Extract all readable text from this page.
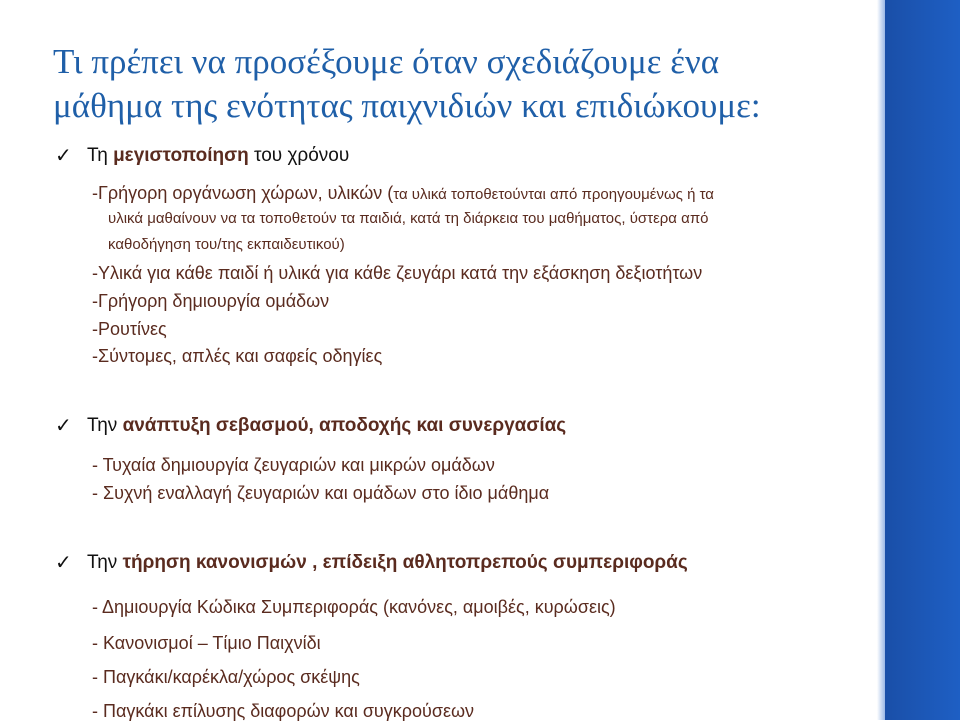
Τι πρέπει να προσέξουμε όταν σχεδιάζουμε ένα
μάθημα της ενότητας παιχνιδιών και επιδιώκουμε:
✓ Τη μεγιστοποίηση του χρόνου
-Γρήγορη οργάνωση χώρων, υλικών (τα υλικά τοποθετούνται από προηγουμένως ή τα
υλικά μαθαίνουν να τα τοποθετούν τα παιδιά, κατά τη διάρκεια του μαθήματος, ύστερα από
καθοδήγηση του/της εκπαιδευτικού)
-Υλικά για κάθε παιδί ή υλικά για κάθε ζευγάρι κατά την εξάσκηση δεξιοτήτων
-Γρήγορη δημιουργία ομάδων
-Ρουτίνες
-Σύντομες, απλές και σαφείς οδηγίες
✓ Την ανάπτυξη σεβασμού, αποδοχής και συνεργασίας
- Τυχαία δημιουργία ζευγαριών και μικρών ομάδων
- Συχνή εναλλαγή ζευγαριών και ομάδων στο ίδιο μάθημα
✓ Την τήρηση κανονισμών , επίδειξη αθλητοπρεπούς συμπεριφοράς
- Δημιουργία Κώδικα Συμπεριφοράς (κανόνες, αμοιβές, κυρώσεις)
- Κανονισμοί – Τίμιο Παιχνίδι
- Παγκάκι/καρέκλα/χώρος σκέψης
- Παγκάκι επίλυσης διαφορών και συγκρούσεων
